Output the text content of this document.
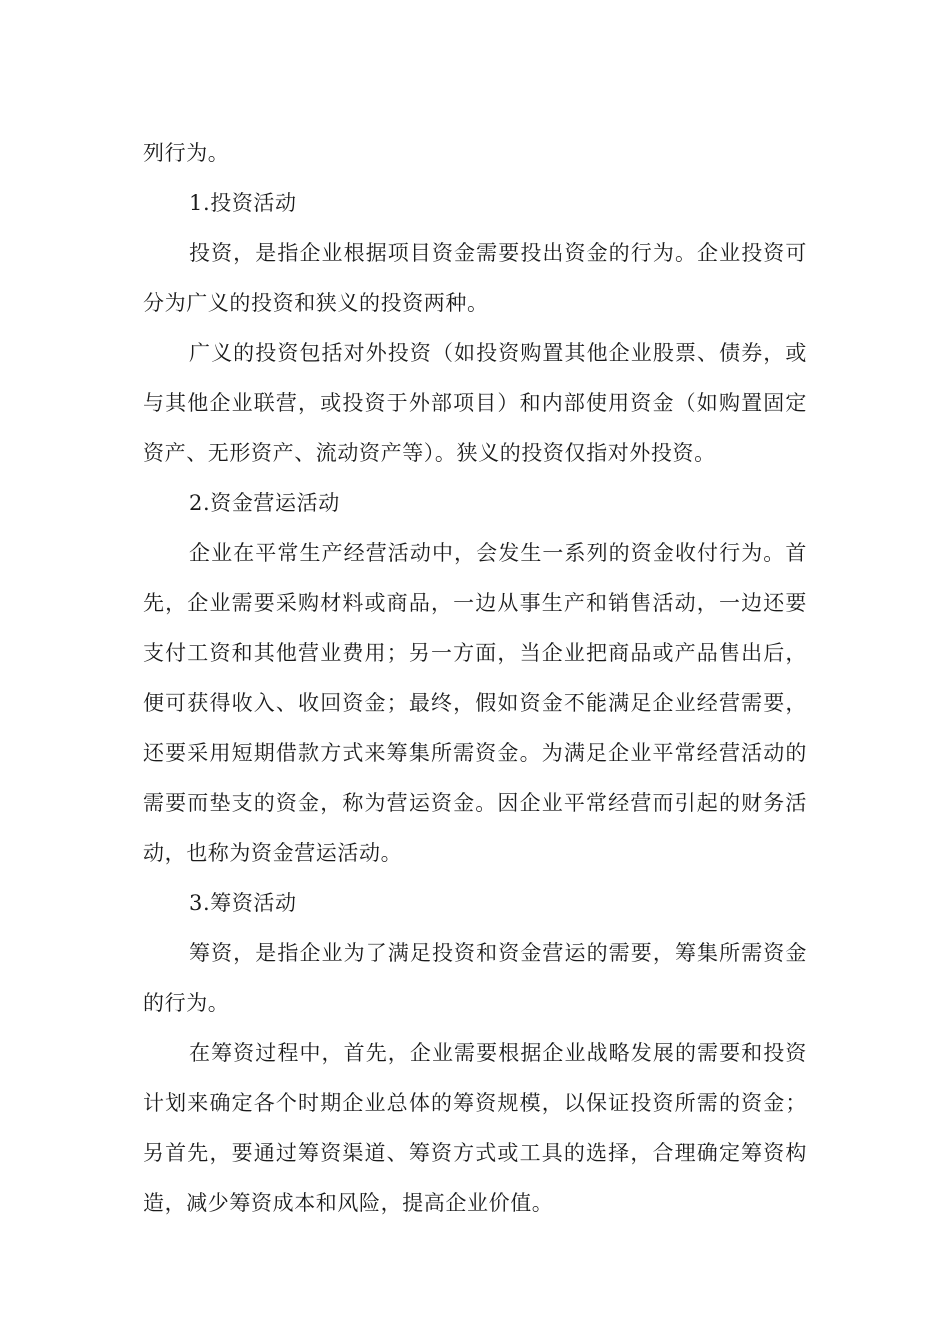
列行为。

1.投资活动

投资，是指企业根据项目资金需要投出资金的行为。企业投资可分为广义的投资和狭义的投资两种。

广义的投资包括对外投资（如投资购置其他企业股票、债券，或与其他企业联营，或投资于外部项目）和内部使用资金（如购置固定资产、无形资产、流动资产等）。狭义的投资仅指对外投资。

2.资金营运活动

企业在平常生产经营活动中，会发生一系列的资金收付行为。首先，企业需要采购材料或商品，一边从事生产和销售活动，一边还要支付工资和其他营业费用；另一方面，当企业把商品或产品售出后，便可获得收入、收回资金；最终，假如资金不能满足企业经营需要，还要采用短期借款方式来筹集所需资金。为满足企业平常经营活动的需要而垫支的资金，称为营运资金。因企业平常经营而引起的财务活动，也称为资金营运活动。

3.筹资活动

筹资，是指企业为了满足投资和资金营运的需要，筹集所需资金的行为。

在筹资过程中，首先，企业需要根据企业战略发展的需要和投资计划来确定各个时期企业总体的筹资规模，以保证投资所需的资金；另首先，要通过筹资渠道、筹资方式或工具的选择，合理确定筹资构造，减少筹资成本和风险，提高企业价值。
